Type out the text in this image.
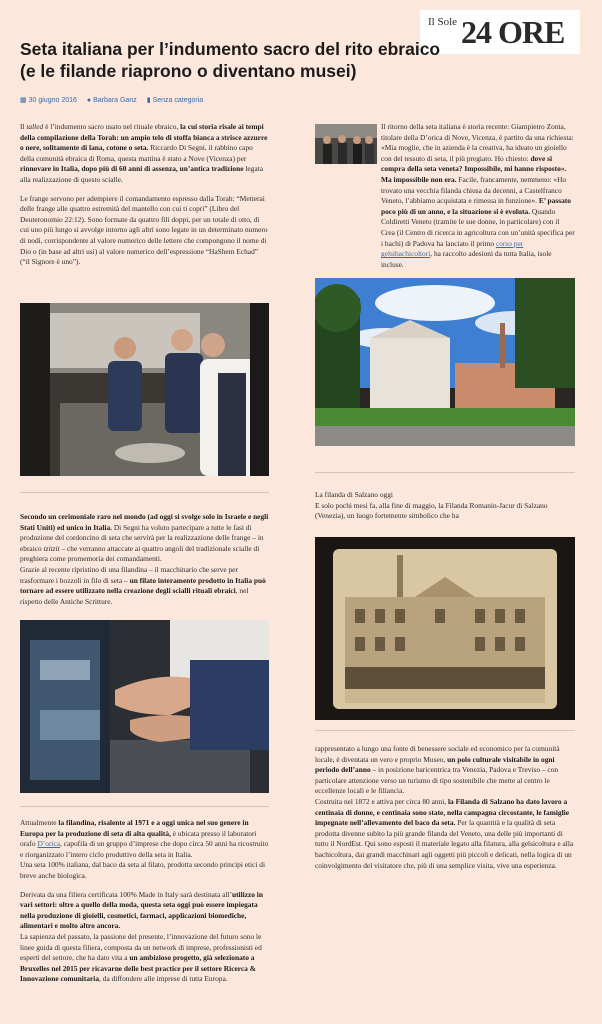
Il Sole 24 ORE
Seta italiana per l’indumento sacro del rito ebraico (e le filande riaprono o diventano musei)
▦ 30 giugno 2016 ● Barbara Ganz ▮ Senza categoria

Il talled è l’indumento sacro usato nel rituale ebraico, la cui storia risale ai tempi della compilazione della Torah: un ampio telo di stoffa bianca a strisce azzurre o nere, solitamente di lana, cotone o seta. Riccardo Di Segni, il rabbino capo della comunità ebraica di Roma, questa mattina è stato a Nove (Vicenza) per rinnovare in Italia, dopo più di 60 anni di assenza, un’antica tradizione legata alla realizzazione di questo scialle.

Le frange servono per adempiere il comandamento espresso dalla Torah: “Metterai delle frange alle quattro estremità del mantello con cui ti copri” (Libro del Deuteronomio 22:12). Sono formate da quattro fili doppi, per un totale di otto, di cui uno più lungo si avvolge intorno agli altri sono legate in un determinato numero di nodi, corrispondente al valore numerico delle lettere che compongono il nome di Dio o (in base ad altri usi) al valore numerico dell’espressione “HaShem Echad” (“il Signore è uno”).

Secondo un cerimoniale raro nel mondo (ad oggi si svolge solo in Israele e negli Stati Uniti) ed unico in Italia. Di Segni ha voluto partecipare a tutte le fasi di produzione del cordoncino di seta che servirà per la realizzazione delle frange – in ebraico tzitzit – che verranno attaccate ai quattro angoli del tradizionale scialle di preghiera come promemoria dei comandamenti.
Grazie al recente ripristino di una filandina – il macchinario che serve per trasformare i bozzoli in filo di seta – un filato interamente prodotto in Italia può tornare ad essere utilizzato nella creazione degli scialli rituali ebraici, nel rispetto delle Antiche Scritture.

Attualmente la filandina, risalente al 1971 e a oggi unica nel suo genere in Europa per la produzione di seta di alta qualità, è ubicata presso il laboratori orafo D’orica, capofila di un gruppo d’imprese che dopo circa 50 anni ha ricostruito e riorganizzato l’intero ciclo produttivo della seta in Italia.
Una seta 100% italiana, dal baco da seta al filato, prodotta secondo principi etici di breve anche biologica.

Derivata da una filiera certificata 100% Made in Italy sarà destinata all’utilizzo in vari settori: oltre a quello della moda, questa seta oggi può essere impiegata nella produzione di gioielli, cosmetici, farmaci, applicazioni biomediche, alimentari e molto altro ancora.
La sapienza del passato, la passione del presente, l’innovazione del futuro sono le linee guida di questa filiera, composta da un network di imprese, professionisti ed esperti del settore, che ha dato vita a un ambizioso progetto, già selezionato a Bruxelles nel 2015 per ricavarne delle best practice per il settore Ricerca & Innovazione comunitaria, da diffondere alle imprese di tutta Europa.

Il ritorno della seta italiana è storia recente: Giampietro Zonta, titolare della D’orica di Nove, Vicenza, è partito da una richiesta: «Mia moglie, che in azienda è la creativa, ha ideato un gioiello con del tessuto di seta, il più pregiato. Ho chiesto: dove si compra della seta veneta? Impossibile, mi hanno risposto». Ma impossibile non era. Facile, francamente, nemmeno: «Ho trovato una vecchia filanda chiusa da decenni, a Castelfranco Veneto, l’abbiamo acquistata e rimessa in funzione». E’ passato poco più di un anno, e la situazione si è evoluta. Quando Coldiretti Veneto (tramite le sue donne, in particolare) con il Crea (il Centro di ricerca in agricoltura con un’unità specifica per i bachi) di Padova ha lanciato il primo corso per gelsibachicoltori, ha raccolto adesioni da tutta Italia, isole incluse.

La filanda di Salzano oggi
E solo pochi mesi fa, alla fine di maggio, la Filanda Romanin-Jacur di Salzano (Venezia), un luogo fortemente simbolico che ha

rappresentato a lungo una fonte di benessere sociale ed economico per la comunità locale, è diventata un vero e proprio Museo, un polo culturale visitabile in ogni periodo dell’anno – in posizione baricentrica tra Venezia, Padova e Treviso – con particolare attenzione verso un turismo di tipo sostenibile che mette al centro le eccellenze locali e le filiancia.
Costruita nel 1872 e attiva per circa 80 anni, la Filanda di Salzano ha dato lavoro a centinaia di donne, e centinaia sono state, nella campagna circostante, le famiglie impegnate nell’allevamento del baco da seta. Per la quantità e la qualità di seta prodotta divenne subito la più grande filanda del Veneto, una delle più importanti di tutto il NordEst. Qui sono esposti il materiale legato alla filatura, alla gelsicoltura e alla bachicoltura, dai grandi macchinari agli oggetti più piccoli e delicati, nella logica di un coinvolgimento del visitatore che, più di una semplice visita, vive una esperienza.
